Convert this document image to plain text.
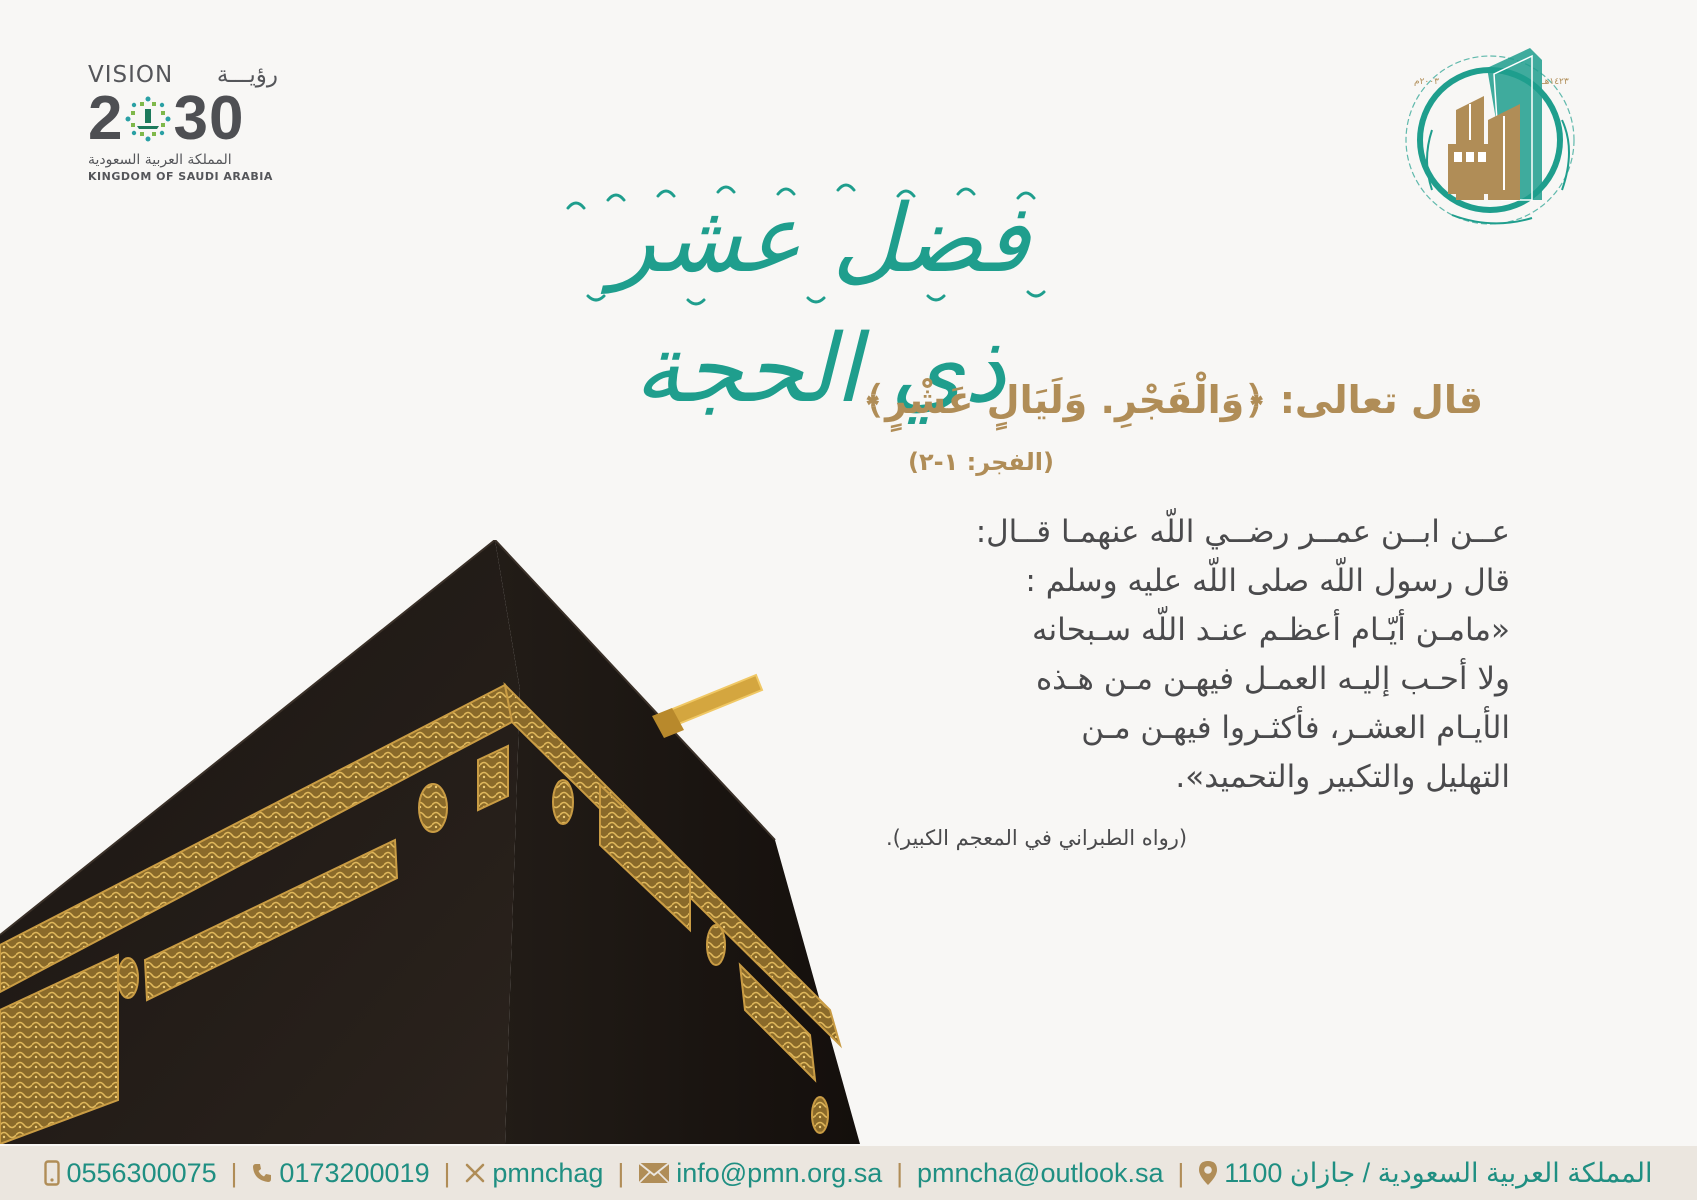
VISION رؤيـــة
2 30
المملكة العربية السعودية
KINGDOM OF SAUDI ARABIA
٢٠٠٣م	١٤٢٣هـ
فضل عشر ذي الحجة
قال تعالى: ﴿وَالْفَجْرِ. وَلَيَالٍ عَشْرٍ﴾
(الفجر: ١-٢)
عــن ابــن عمــر رضــي اللّه عنهمـا قــال:
قال رسول اللّه صلى اللّه عليه وسلم :
«مامـن أيّـام أعظـم عنـد اللّه سـبحانه
ولا أحـب إليـه العمـل فيهـن مـن هـذه
الأيـام العشـر، فأكثـروا فيهـن مـن
التهليل والتكبير والتحميد».
(رواه الطبراني في المعجم الكبير).
0556300075 | 0173200019 | pmnchag | info@pmn.org.sa | pmncha@outlook.sa | المملكة العربية السعودية / جازان 1100
